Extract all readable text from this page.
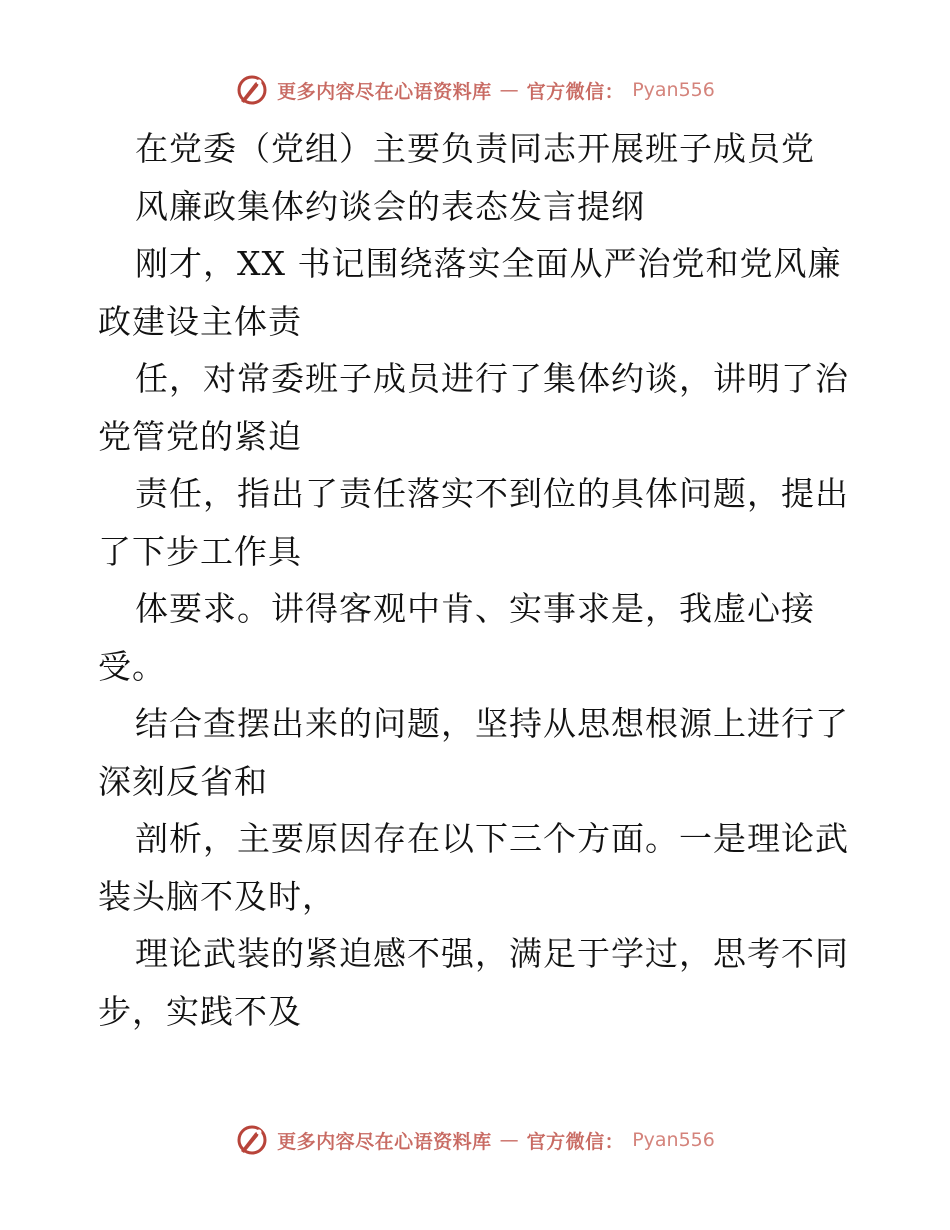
更多内容尽在心语资料库 — 官方微信： Pyan556
在党委（党组）主要负责同志开展班子成员党
风廉政集体约谈会的表态发言提纲
刚才，XX 书记围绕落实全面从严治党和党风廉
政建设主体责
任，对常委班子成员进行了集体约谈，讲明了治
党管党的紧迫
责任，指出了责任落实不到位的具体问题，提出
了下步工作具
体要求。讲得客观中肯、实事求是，我虚心接
受。
结合查摆出来的问题，坚持从思想根源上进行了
深刻反省和
剖析，主要原因存在以下三个方面。一是理论武
装头脑不及时，
理论武装的紧迫感不强，满足于学过，思考不同
步，实践不及
更多内容尽在心语资料库 — 官方微信： Pyan556
